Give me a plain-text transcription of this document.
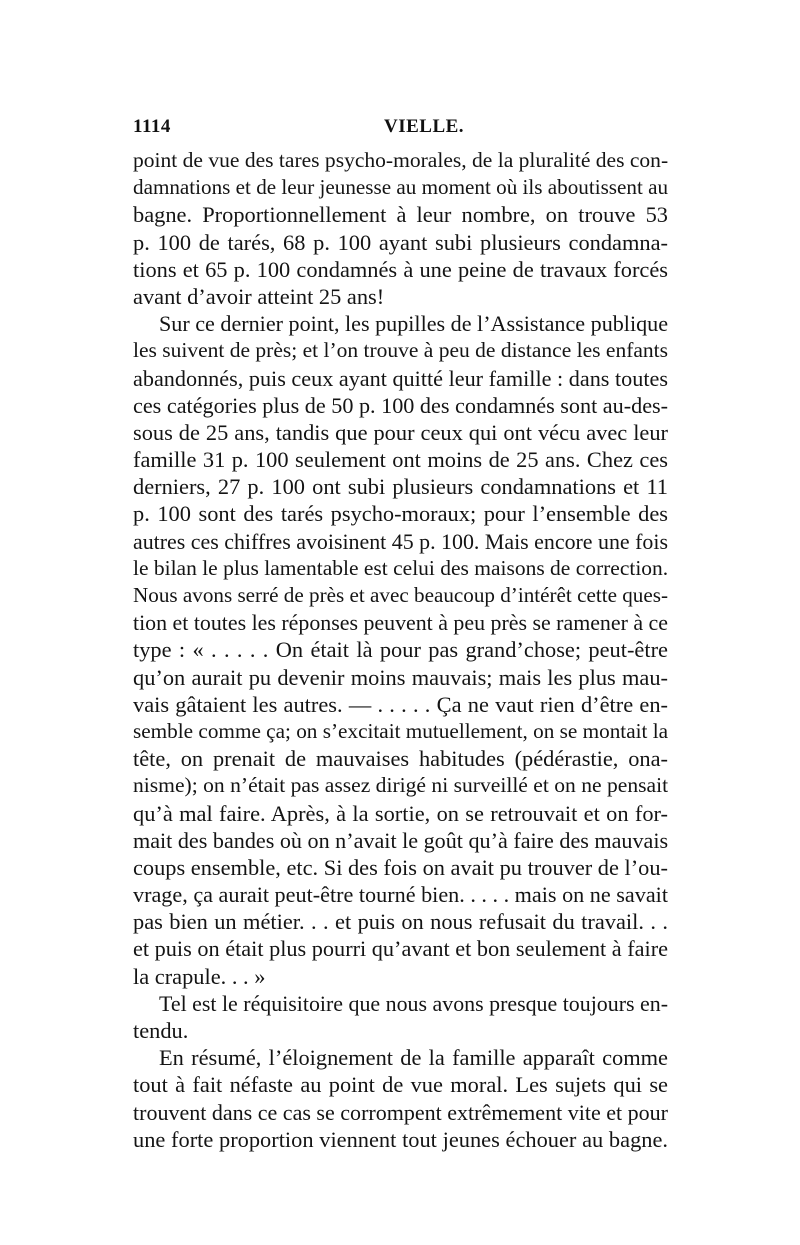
1114	VIELLE.
point de vue des tares psycho-morales, de la pluralité des con-
damnations et de leur jeunesse au moment où ils aboutissent au
bagne. Proportionnellement à leur nombre, on trouve 53
p. 100 de tarés, 68 p. 100 ayant subi plusieurs condamna-
tions et 65 p. 100 condamnés à une peine de travaux forcés
avant d’avoir atteint 25 ans!
Sur ce dernier point, les pupilles de l’Assistance publique
les suivent de près; et l’on trouve à peu de distance les enfants
abandonnés, puis ceux ayant quitté leur famille : dans toutes
ces catégories plus de 50 p. 100 des condamnés sont au-des-
sous de 25 ans, tandis que pour ceux qui ont vécu avec leur
famille 31 p. 100 seulement ont moins de 25 ans. Chez ces
derniers, 27 p. 100 ont subi plusieurs condamnations et 11
p. 100 sont des tarés psycho-moraux; pour l’ensemble des
autres ces chiffres avoisinent 45 p. 100. Mais encore une fois
le bilan le plus lamentable est celui des maisons de correction.
Nous avons serré de près et avec beaucoup d’intérêt cette ques-
tion et toutes les réponses peuvent à peu près se ramener à ce
type : « . . . . . On était là pour pas grand’chose; peut-être
qu’on aurait pu devenir moins mauvais; mais les plus mau-
vais gâtaient les autres. — . . . . . Ça ne vaut rien d’être en-
semble comme ça; on s’excitait mutuellement, on se montait la
tête, on prenait de mauvaises habitudes (pédérastie, ona-
nisme); on n’était pas assez dirigé ni surveillé et on ne pensait
qu’à mal faire. Après, à la sortie, on se retrouvait et on for-
mait des bandes où on n’avait le goût qu’à faire des mauvais
coups ensemble, etc. Si des fois on avait pu trouver de l’ou-
vrage, ça aurait peut-être tourné bien. . . . . mais on ne savait
pas bien un métier. . . et puis on nous refusait du travail. . .
et puis on était plus pourri qu’avant et bon seulement à faire
la crapule. . . »
Tel est le réquisitoire que nous avons presque toujours en-
tendu.
En résumé, l’éloignement de la famille apparaît comme
tout à fait néfaste au point de vue moral. Les sujets qui se
trouvent dans ce cas se corrompent extrêmement vite et pour
une forte proportion viennent tout jeunes échouer au bagne.
